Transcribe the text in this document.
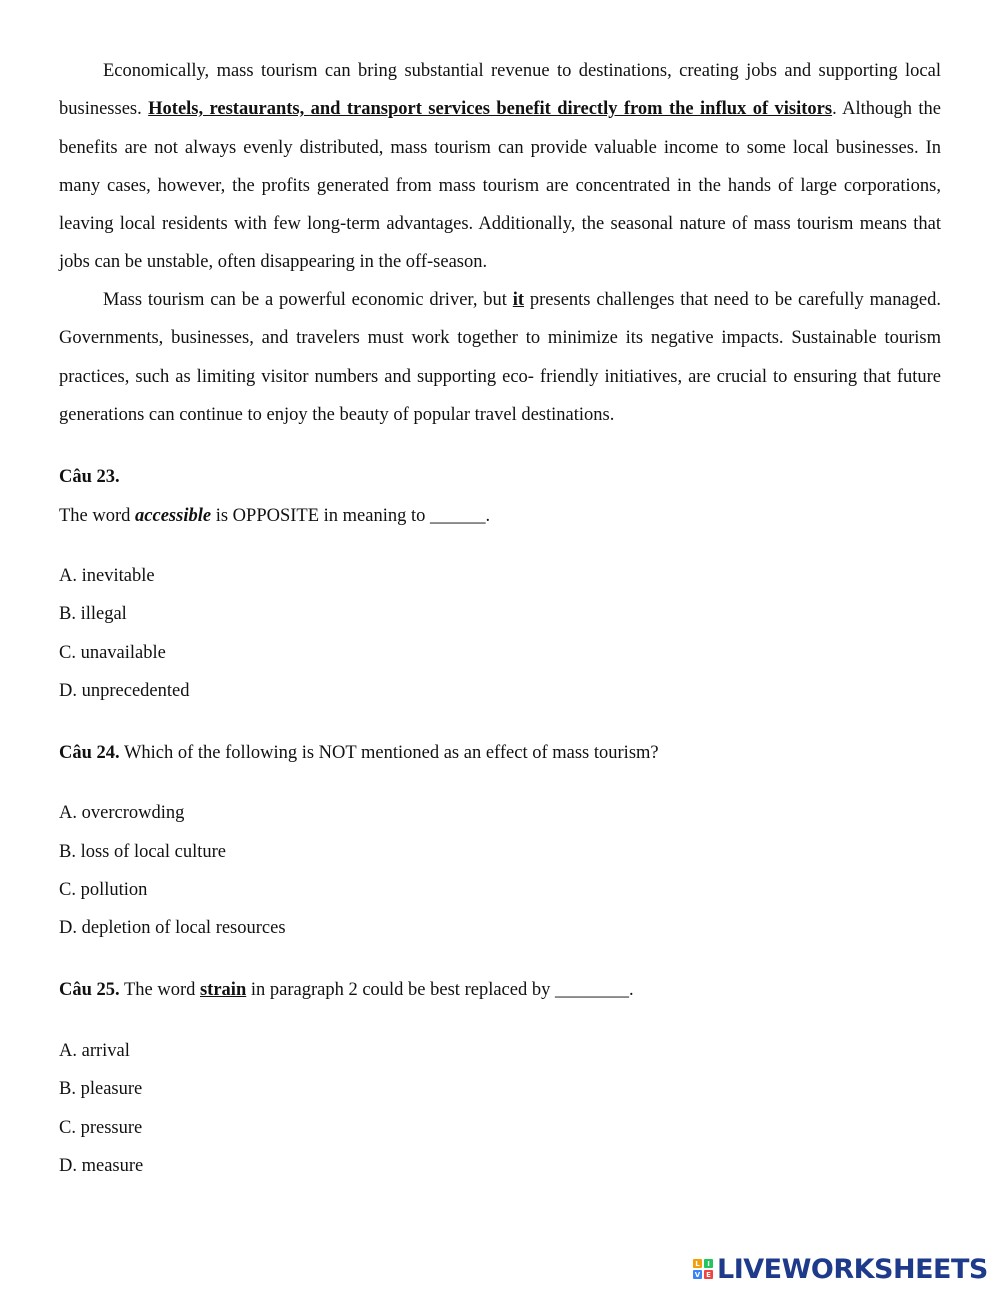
Economically, mass tourism can bring substantial revenue to destinations, creating jobs and supporting local businesses. Hotels, restaurants, and transport services benefit directly from the influx of visitors. Although the benefits are not always evenly distributed, mass tourism can provide valuable income to some local businesses. In many cases, however, the profits generated from mass tourism are concentrated in the hands of large corporations, leaving local residents with few long-term advantages. Additionally, the seasonal nature of mass tourism means that jobs can be unstable, often disappearing in the off-season.

Mass tourism can be a powerful economic driver, but it presents challenges that need to be carefully managed. Governments, businesses, and travelers must work together to minimize its negative impacts. Sustainable tourism practices, such as limiting visitor numbers and supporting eco- friendly initiatives, are crucial to ensuring that future generations can continue to enjoy the beauty of popular travel destinations.

Câu 23.
The word accessible is OPPOSITE in meaning to ______.
A. inevitable
B. illegal
C. unavailable
D. unprecedented
Câu 24. Which of the following is NOT mentioned as an effect of mass tourism?
A. overcrowding
B. loss of local culture
C. pollution
D. depletion of local resources
Câu 25. The word strain in paragraph 2 could be best replaced by ________.
A. arrival
B. pleasure
C. pressure
D. measure
L	I
V E LIVEWORKSHEETS
